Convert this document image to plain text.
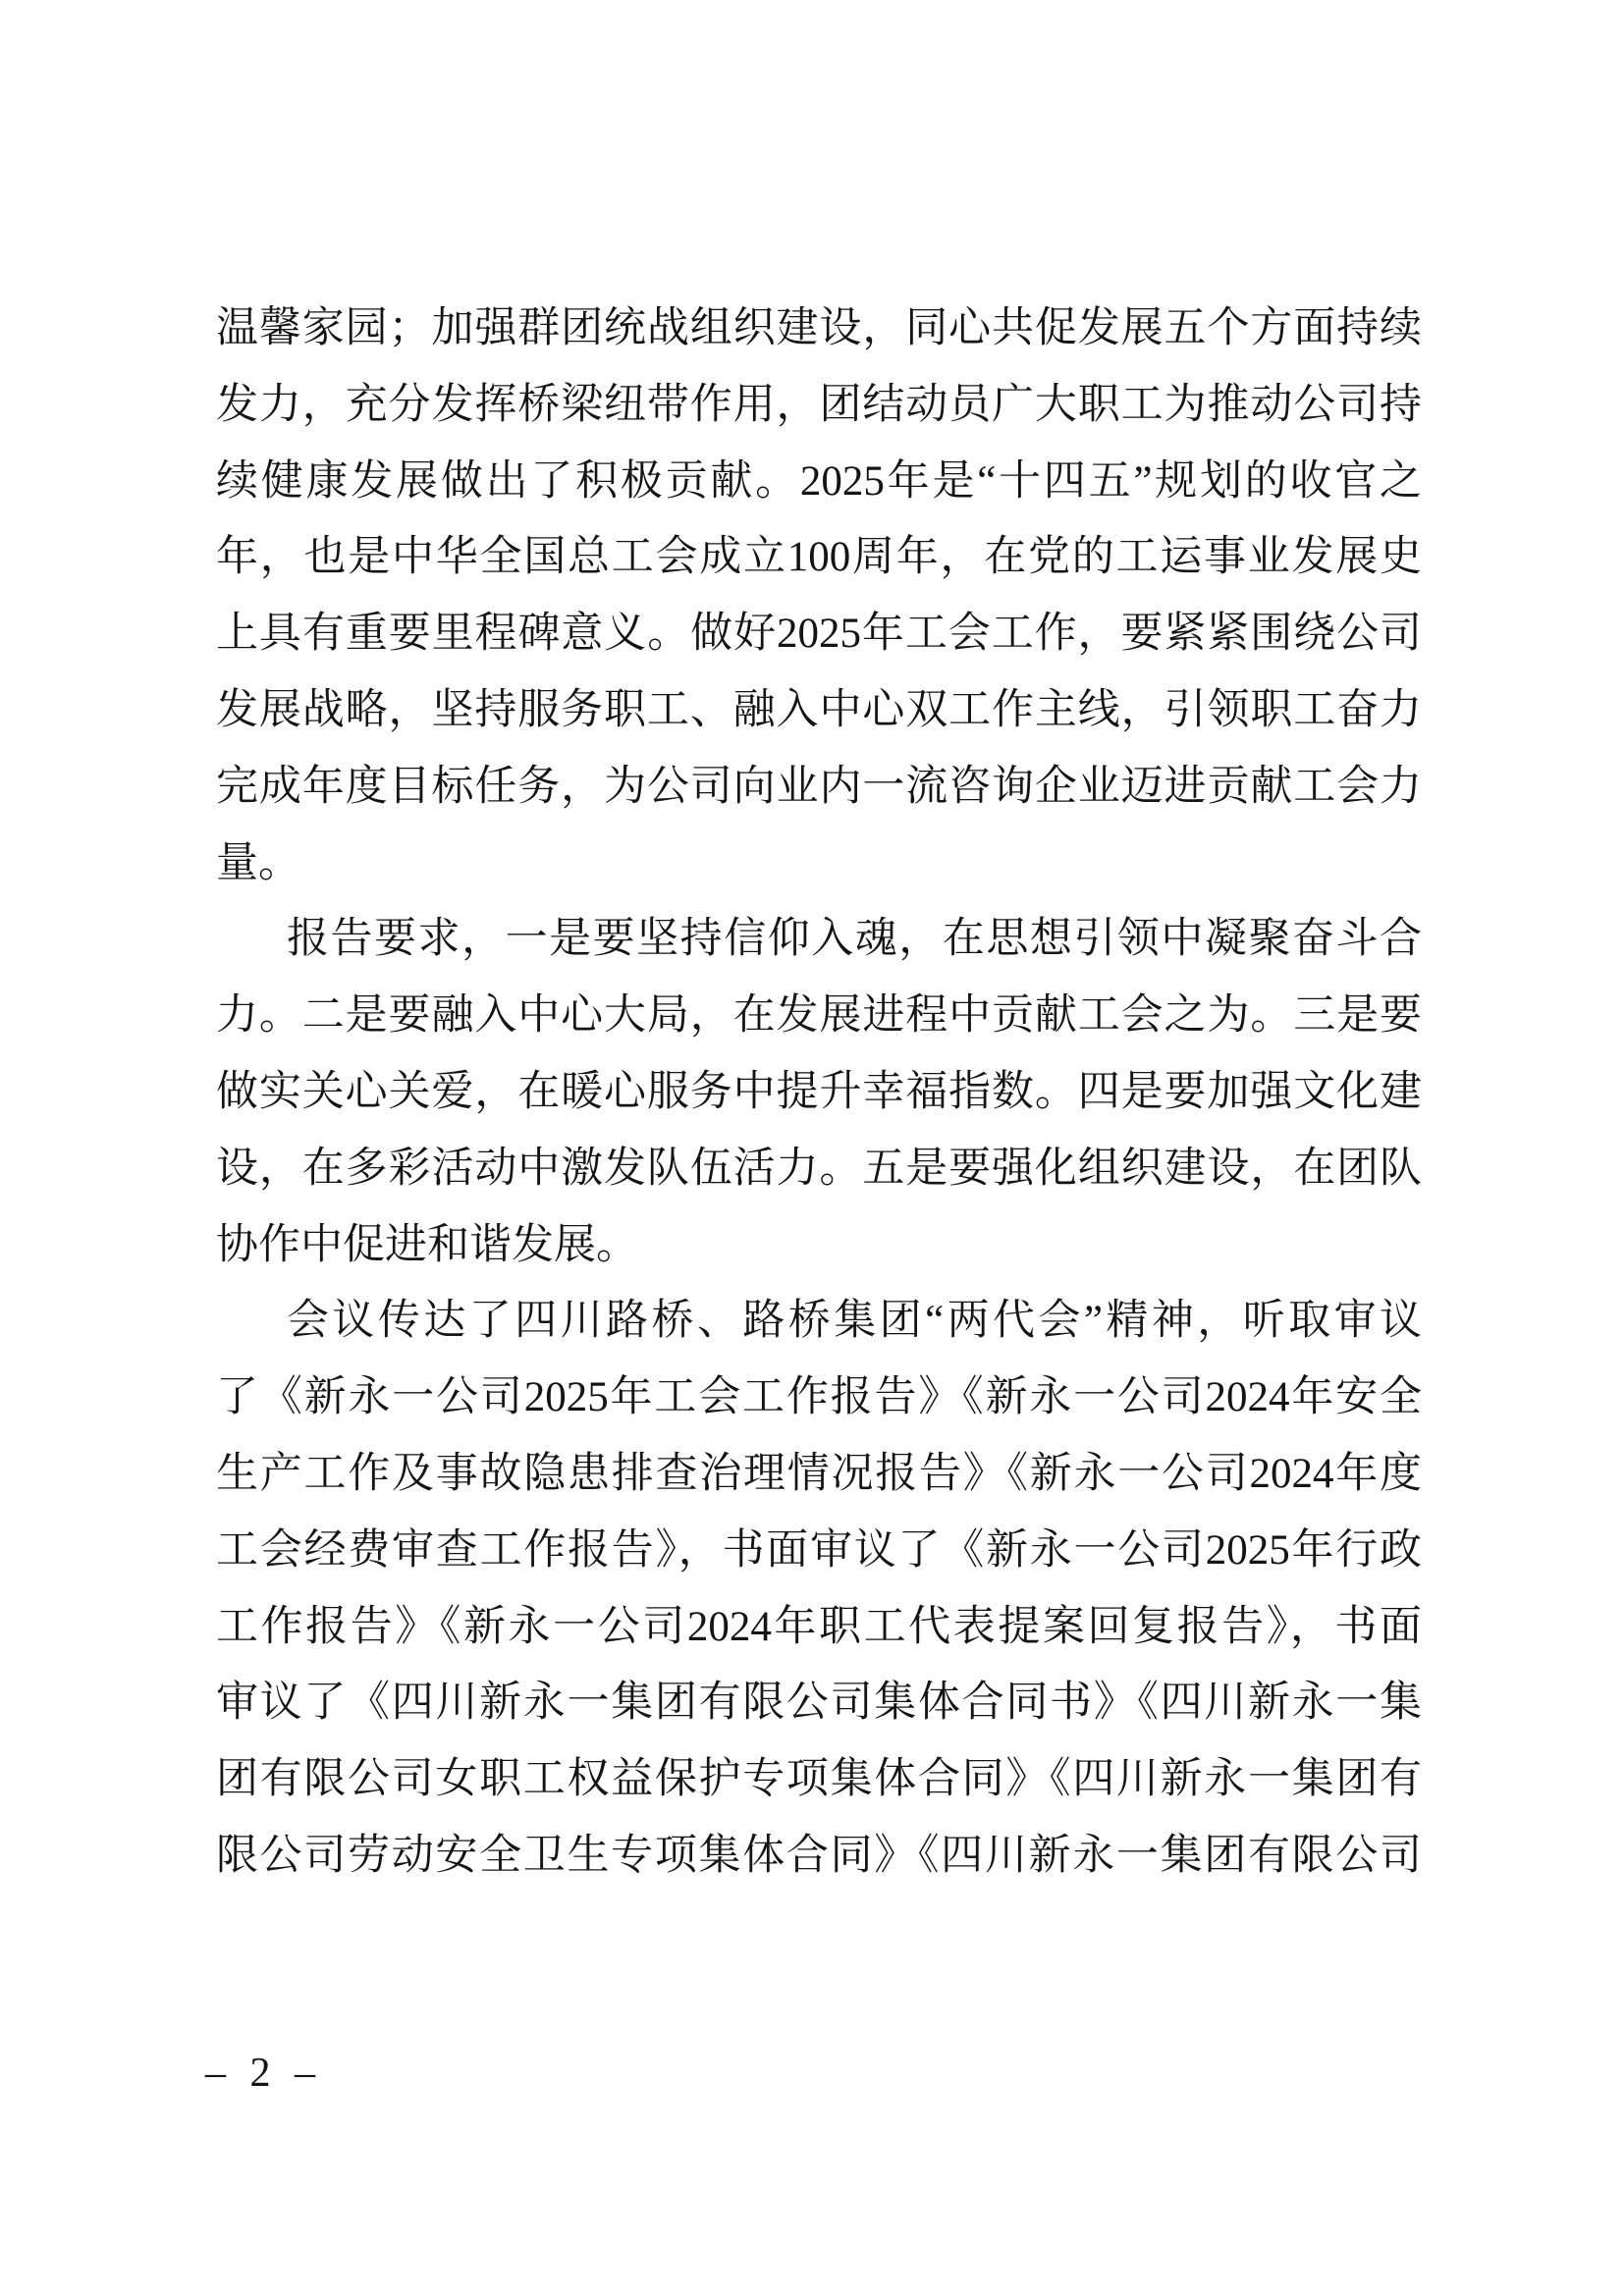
温馨家园；加强群团统战组织建设，同心共促发展五个方面持续
发力，充分发挥桥梁纽带作用，团结动员广大职工为推动公司持
续健康发展做出了积极贡献。2025年是“十四五”规划的收官之
年，也是中华全国总工会成立100周年，在党的工运事业发展史
上具有重要里程碑意义。做好2025年工会工作，要紧紧围绕公司
发展战略，坚持服务职工、融入中心双工作主线，引领职工奋力
完成年度目标任务，为公司向业内一流咨询企业迈进贡献工会力
量。
报告要求，一是要坚持信仰入魂，在思想引领中凝聚奋斗合
力。二是要融入中心大局，在发展进程中贡献工会之为。三是要
做实关心关爱，在暖心服务中提升幸福指数。四是要加强文化建
设，在多彩活动中激发队伍活力。五是要强化组织建设，在团队
协作中促进和谐发展。
会议传达了四川路桥、路桥集团“两代会”精神，听取审议
了《新永一公司2025年工会工作报告》《新永一公司2024年安全
生产工作及事故隐患排查治理情况报告》《新永一公司2024年度
工会经费审查工作报告》，书面审议了《新永一公司2025年行政
工作报告》《新永一公司2024年职工代表提案回复报告》，书面
审议了《四川新永一集团有限公司集体合同书》《四川新永一集
团有限公司女职工权益保护专项集体合同》《四川新永一集团有
限公司劳动安全卫生专项集体合同》《四川新永一集团有限公司
– 2 –
